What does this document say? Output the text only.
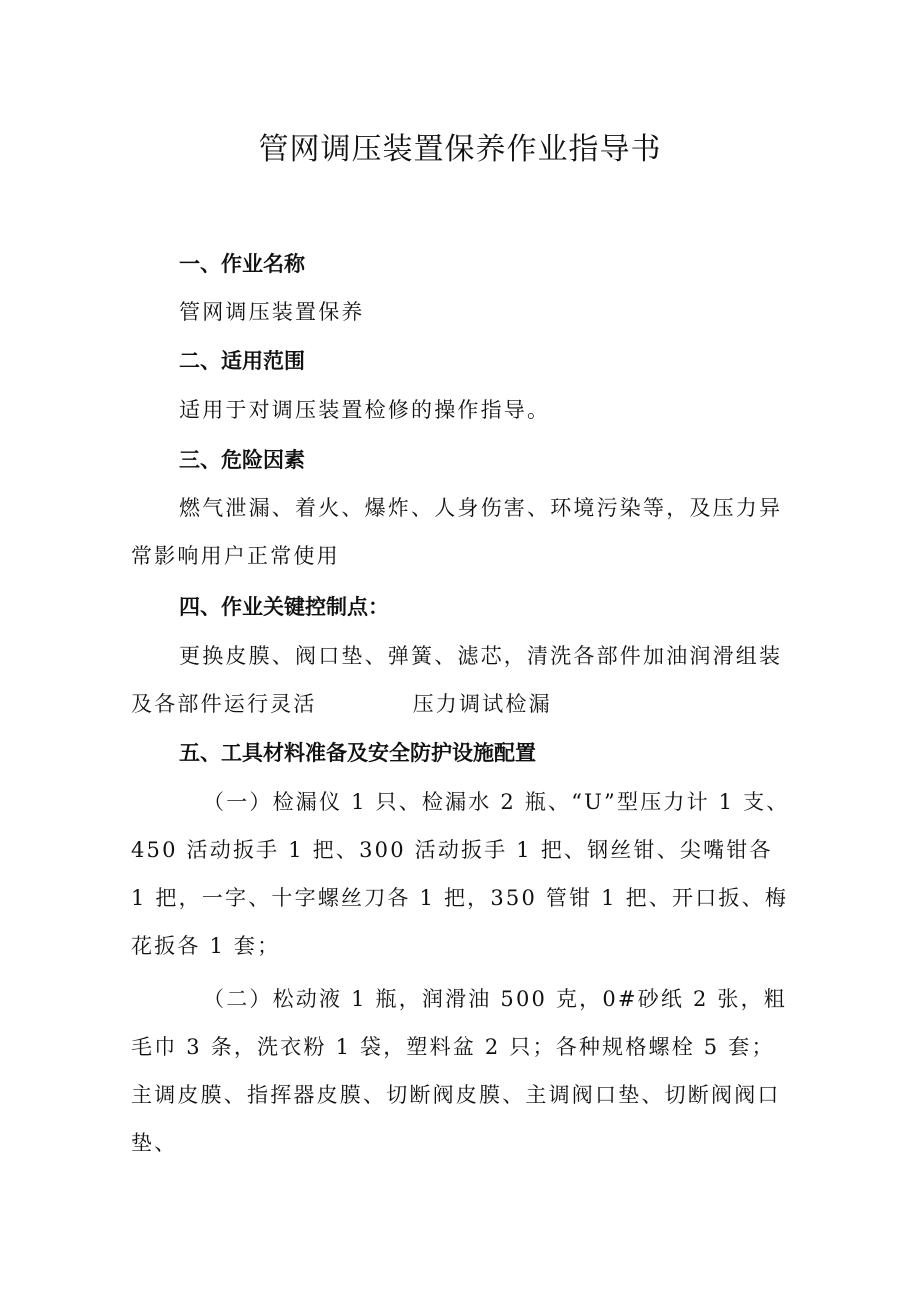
管网调压装置保养作业指导书
一、作业名称
管网调压装置保养
二、适用范围
适用于对调压装置检修的操作指导。
三、危险因素
燃气泄漏、着火、爆炸、人身伤害、环境污染等，及压力异常影响用户正常使用
四、作业关键控制点：
更换皮膜、阀口垫、弹簧、滤芯，清洗各部件加油润滑组装及各部件运行灵活	压力调试检漏
五、工具材料准备及安全防护设施配置
（一）检漏仪 1 只、检漏水 2 瓶、“U”型压力计 1 支、450 活动扳手 1 把、300 活动扳手 1 把、钢丝钳、尖嘴钳各 1 把，一字、十字螺丝刀各 1 把，350 管钳 1 把、开口扳、梅花扳各 1 套；
（二）松动液 1 瓶，润滑油 500 克，0#砂纸 2 张，粗毛巾 3 条，洗衣粉 1 袋，塑料盆 2 只；各种规格螺栓 5 套；主调皮膜、指挥器皮膜、切断阀皮膜、主调阀口垫、切断阀阀口垫、
